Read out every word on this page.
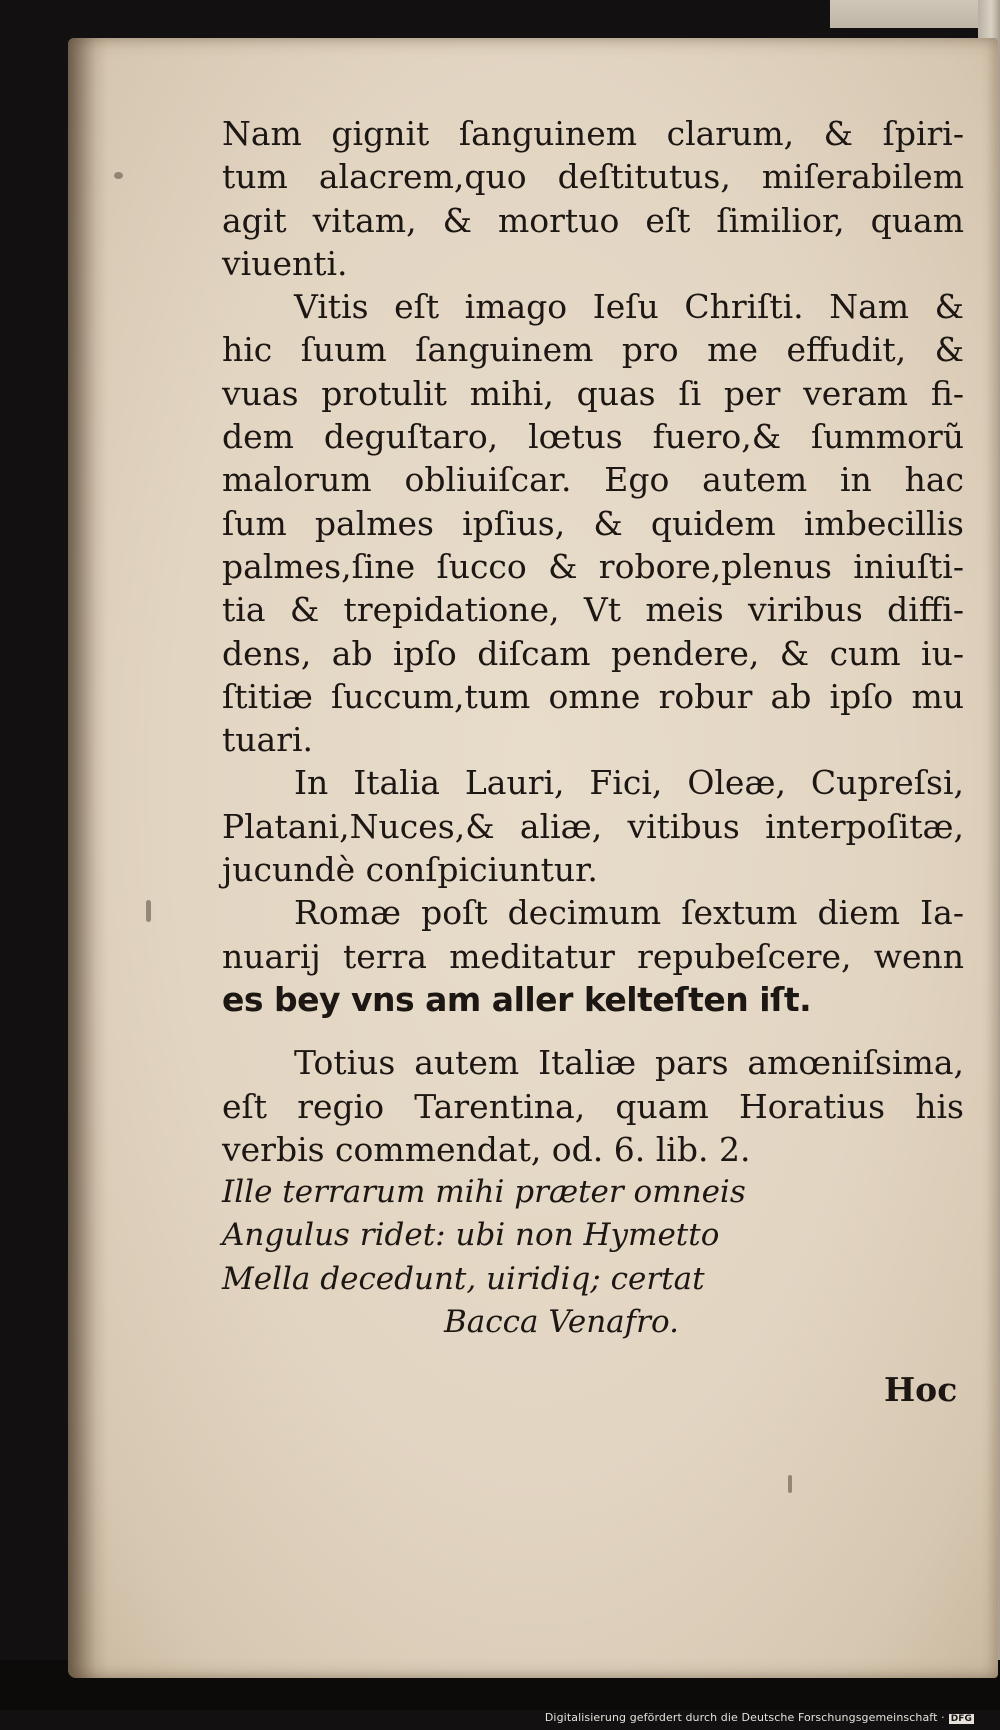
Nam gignit ſanguinem clarum, & ſpiri-
tum alacrem,quo deſtitutus, miſerabilem
agit vitam, & mortuo eſt ſimilior, quam
viuenti.
Vitis eſt imago Ieſu Chriſti. Nam &
hic ſuum ſanguinem pro me effudit, &
vuas protulit mihi, quas ſi per veram fi-
dem deguſtaro, lœtus fuero,& ſummorũ
malorum obliuiſcar. Ego autem in hac
ſum palmes ipſius, & quidem imbecillis
palmes,ſine ſucco & robore,plenus iniuſti-
tia & trepidatione, Vt meis viribus diffi-
dens, ab ipſo diſcam pendere, & cum iu-
ſtitiæ ſuccum,tum omne robur ab ipſo mu
tuari.
In Italia Lauri, Fici, Oleæ, Cupreſsi,
Platani,Nuces,& aliæ, vitibus interpoſitæ,
jucundè conſpiciuntur.
Romæ poſt decimum ſextum diem Ia-
nuarij terra meditatur repubeſcere, wenn
es bey vns am aller kelteſten iſt.
Totius autem Italiæ pars amœniſsima,
eſt regio Tarentina, quam Horatius his
verbis commendat, od. 6. lib. 2.
Ille terrarum mihi præter omneis
Angulus ridet: ubi non Hymetto
Mella decedunt, uiridiq; certat
Bacca Venafro.
Hoc
Digitalisierung gefördert durch die Deutsche Forschungsgemeinschaft · DFG
